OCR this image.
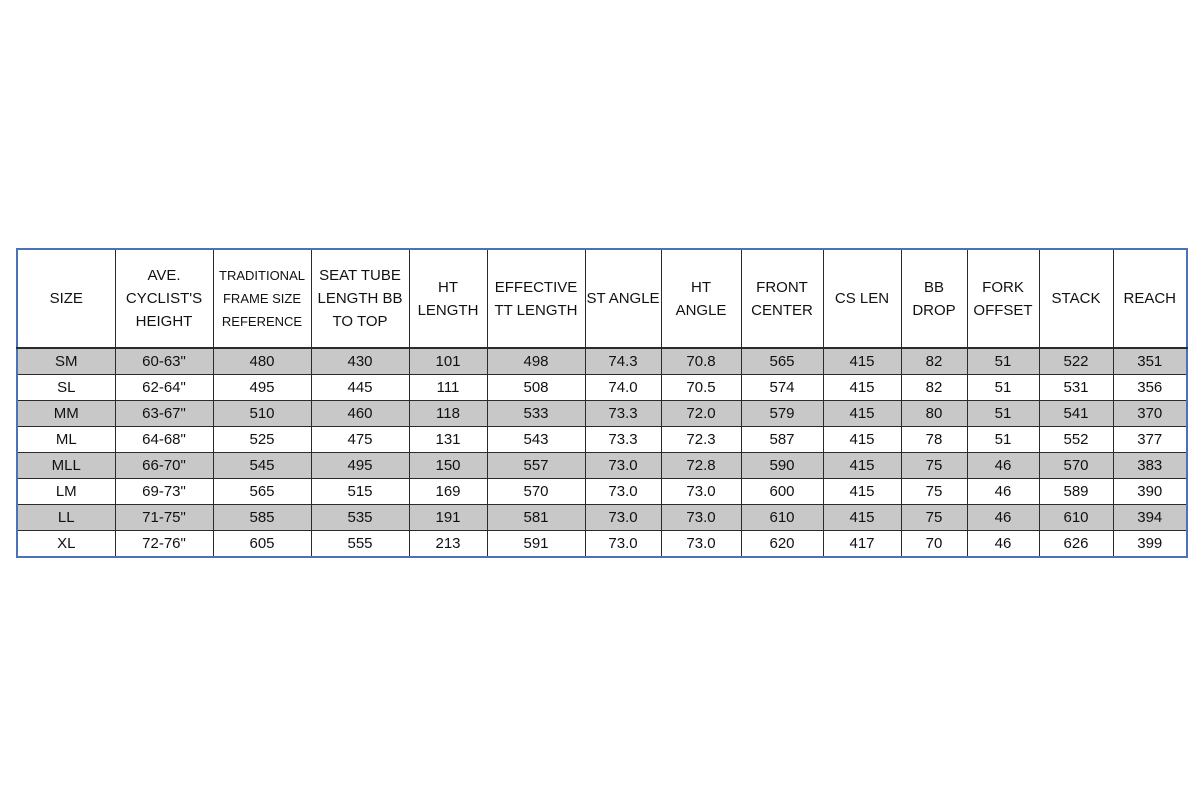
SIZE	AVE.
CYCLIST'S
HEIGHT	TRADITIONAL
FRAME SIZE
REFERENCE	SEAT TUBE
LENGTH BB
TO TOP	HT
LENGTH	EFFECTIVE
TT LENGTH	ST ANGLE	HT
ANGLE	FRONT
CENTER	CS LEN	BB
DROP	FORK
OFFSET	STACK	REACH

SM	60-63"	480	430	101	498	74.3	70.8	565	415	82	51	522	351
SL	62-64"	495	445	111	508	74.0	70.5	574	415	82	51	531	356
MM	63-67"	510	460	118	533	73.3	72.0	579	415	80	51	541	370
ML	64-68"	525	475	131	543	73.3	72.3	587	415	78	51	552	377
MLL	66-70"	545	495	150	557	73.0	72.8	590	415	75	46	570	383
LM	69-73"	565	515	169	570	73.0	73.0	600	415	75	46	589	390
LL	71-75"	585	535	191	581	73.0	73.0	610	415	75	46	610	394
XL	72-76"	605	555	213	591	73.0	73.0	620	417	70	46	626	399
